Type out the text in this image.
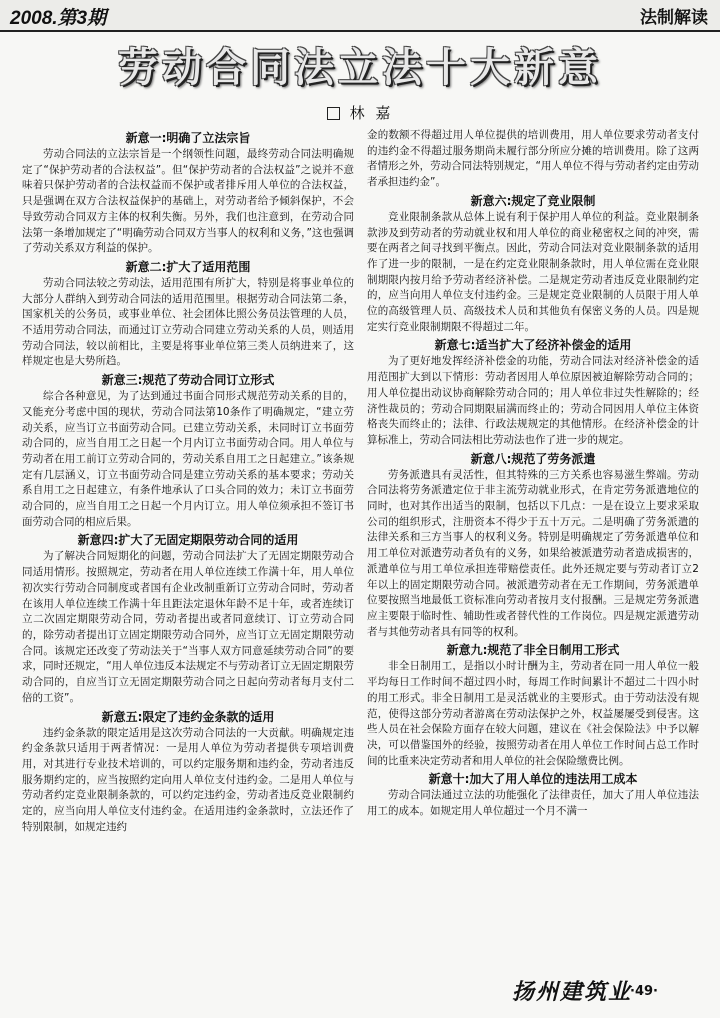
2008.第3期	法制解读
劳动合同法立法十大新意
林 嘉
新意一:明确了立法宗旨

劳动合同法的立法宗旨是一个纲领性问题，最终劳动合同法明确规定了“保护劳动者的合法权益”。但“保护劳动者的合法权益”之说并不意味着只保护劳动者的合法权益而不保护或者排斥用人单位的合法权益，只是强调在双方合法权益保护的基础上，对劳动者给予倾斜保护，不会导致劳动合同双方主体的权利失衡。另外，我们也注意到，在劳动合同法第一条增加规定了“明确劳动合同双方当事人的权利和义务，”这也强调了劳动关系双方利益的保护。

新意二:扩大了适用范围

劳动合同法较之劳动法，适用范围有所扩大，特别是将事业单位的大部分人群纳入到劳动合同法的适用范围里。根据劳动合同法第二条，国家机关的公务员，或事业单位、社会团体比照公务员法管理的人员，不适用劳动合同法，而通过订立劳动合同建立劳动关系的人员，则适用劳动合同法，较以前相比，主要是将事业单位第三类人员纳进来了，这样规定也是大势所趋。

新意三:规范了劳动合同订立形式

综合各种意见，为了达到通过书面合同形式规范劳动关系的目的，又能充分考虑中国的现状，劳动合同法第10条作了明确规定，“建立劳动关系，应当订立书面劳动合同。已建立劳动关系，未同时订立书面劳动合同的，应当自用工之日起一个月内订立书面劳动合同。用人单位与劳动者在用工前订立劳动合同的，劳动关系自用工之日起建立。”该条规定有几层涵义，订立书面劳动合同是建立劳动关系的基本要求；劳动关系自用工之日起建立，有条件地承认了口头合同的效力；未订立书面劳动合同的，应当自用工之日起一个月内订立。用人单位须承担不签订书面劳动合同的相应后果。

新意四:扩大了无固定期限劳动合同的适用

为了解决合同短期化的问题，劳动合同法扩大了无固定期限劳动合同适用情形。按照规定，劳动者在用人单位连续工作满十年，用人单位初次实行劳动合同制度或者国有企业改制重新订立劳动合同时，劳动者在该用人单位连续工作满十年且距法定退休年龄不足十年，或者连续订立二次固定期限劳动合同，劳动者提出或者同意续订、订立劳动合同的，除劳动者提出订立固定期限劳动合同外，应当订立无固定期限劳动合同。该规定还改变了劳动法关于“当事人双方同意延续劳动合同”的要求，同时还规定，“用人单位违反本法规定不与劳动者订立无固定期限劳动合同的，自应当订立无固定期限劳动合同之日起向劳动者每月支付二倍的工资”。

新意五:限定了违约金条款的适用

违约金条款的限定适用是这次劳动合同法的一大贡献。明确规定违约金条款只适用于两者情况：一是用人单位为劳动者提供专项培训费用，对其进行专业技术培训的，可以约定服务期和违约金，劳动者违反服务期约定的，应当按照约定向用人单位支付违约金。二是用人单位与劳动者约定竞业限制条款的，可以约定违约金，劳动者违反竞业限制约定的，应当向用人单位支付违约金。在适用违约金条款时，立法还作了特别限制，如规定违约

金的数额不得超过用人单位提供的培训费用，用人单位要求劳动者支付的违约金不得超过服务期尚未履行部分所应分摊的培训费用。除了这两者情形之外，劳动合同法特别规定，“用人单位不得与劳动者约定由劳动者承担违约金”。

新意六:规定了竞业限制

竞业限制条款从总体上说有利于保护用人单位的利益。竞业限制条款涉及到劳动者的劳动就业权和用人单位的商业秘密权之间的冲突，需要在两者之间寻找到平衡点。因此，劳动合同法对竞业限制条款的适用作了进一步的限制，一是在约定竞业限制条款时，用人单位需在竞业限制期限内按月给予劳动者经济补偿。二是规定劳动者违反竞业限制约定的，应当向用人单位支付违约金。三是规定竞业限制的人员限于用人单位的高级管理人员、高级技术人员和其他负有保密义务的人员。四是规定实行竞业限制期限不得超过二年。

新意七:适当扩大了经济补偿金的适用

为了更好地发挥经济补偿金的功能，劳动合同法对经济补偿金的适用范围扩大到以下情形：劳动者因用人单位原因被迫解除劳动合同的；用人单位提出动议协商解除劳动合同的；用人单位非过失性解除的；经济性裁员的；劳动合同期限届满而终止的；劳动合同因用人单位主体资格丧失而终止的；法律、行政法规规定的其他情形。在经济补偿金的计算标准上，劳动合同法相比劳动法也作了进一步的规定。

新意八:规范了劳务派遣

劳务派遣具有灵活性，但其特殊的三方关系也容易滋生弊端。劳动合同法将劳务派遣定位于非主流劳动就业形式，在肯定劳务派遣地位的同时，也对其作出适当的限制，包括以下几点：一是在设立上要求采取公司的组织形式，注册资本不得少于五十万元。二是明确了劳务派遣的法律关系和三方当事人的权利义务。特别是明确规定了劳务派遣单位和用工单位对派遣劳动者负有的义务，如果给被派遣劳动者造成损害的，派遣单位与用工单位承担连带赔偿责任。此外还规定要与劳动者订立2年以上的固定期限劳动合同。被派遣劳动者在无工作期间，劳务派遣单位要按照当地最低工资标准向劳动者按月支付报酬。三是规定劳务派遣应主要限于临时性、辅助性或者替代性的工作岗位。四是规定派遣劳动者与其他劳动者具有同等的权利。

新意九:规范了非全日制用工形式

非全日制用工，是指以小时计酬为主，劳动者在同一用人单位一般平均每日工作时间不超过四小时，每周工作时间累计不超过二十四小时的用工形式。非全日制用工是灵活就业的主要形式。由于劳动法没有规范，使得这部分劳动者游离在劳动法保护之外，权益屡屡受到侵害。这些人员在社会保险方面存在较大问题，建议在《社会保险法》中予以解决，可以借鉴国外的经验，按照劳动者在用人单位工作时间占总工作时间的比重来决定劳动者和用人单位的社会保险缴费比例。

新意十:加大了用人单位的违法用工成本

劳动合同法通过立法的功能强化了法律责任，加大了用人单位违法用工的成本。如规定用人单位超过一个月不满一

扬州建筑业
·49·
